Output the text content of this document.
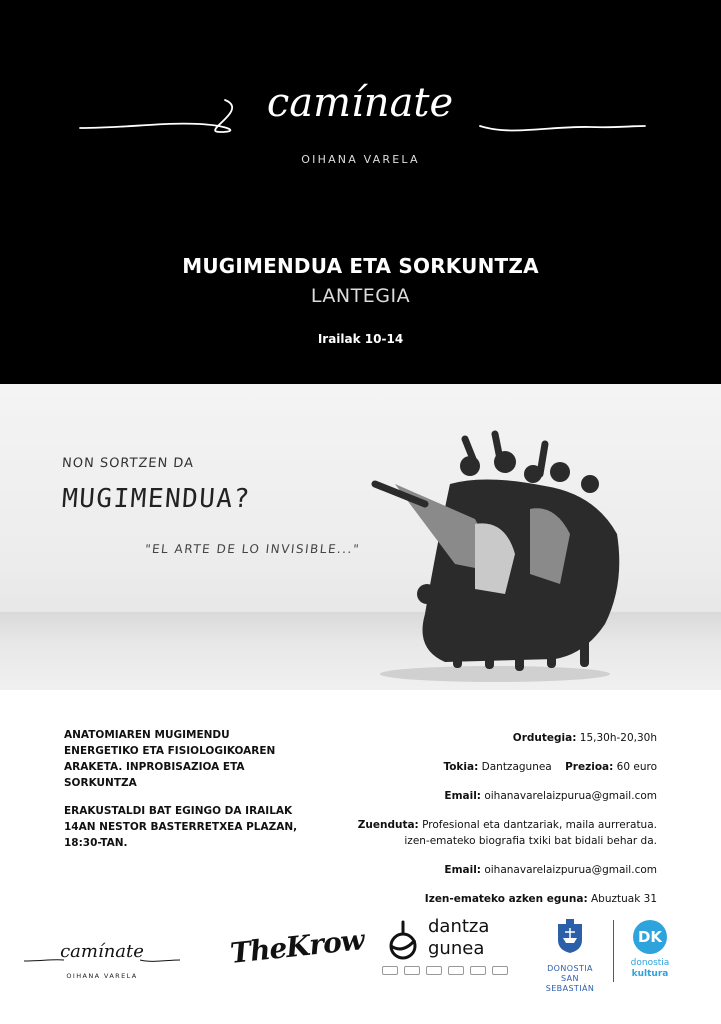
camínate
OIHANA VARELA
MUGIMENDUA ETA SORKUNTZA
LANTEGIA
Irailak 10-14
NON SORTZEN DA
MUGIMENDUA?
"EL ARTE DE LO INVISIBLE..."

ANATOMIAREN MUGIMENDU ENERGETIKO ETA FISIOLOGIKOAREN ARAKETA. INPROBISAZIOA ETA SORKUNTZA

ERAKUSTALDI BAT EGINGO DA IRAILAK 14AN NESTOR BASTERRETXEA PLAZAN, 18:30-TAN.

Ordutegia: 15,30h-20,30h
Tokia: Dantzagunea Prezioa: 60 euro
Email: oihanavarelaizpurua@gmail.com
Zuenduta: Profesional eta dantzariak, maila aurreratua.
izen-emateko biografia txiki bat bidali behar da.
Email: oihanavarelaizpurua@gmail.com
Izen-emateko azken eguna: Abuztuak 31
camínate
OIHANA VARELA
TheKrow	dantza
gunea
DONOSTIA
SAN SEBASTIÁN
DK
donostia
kultura
